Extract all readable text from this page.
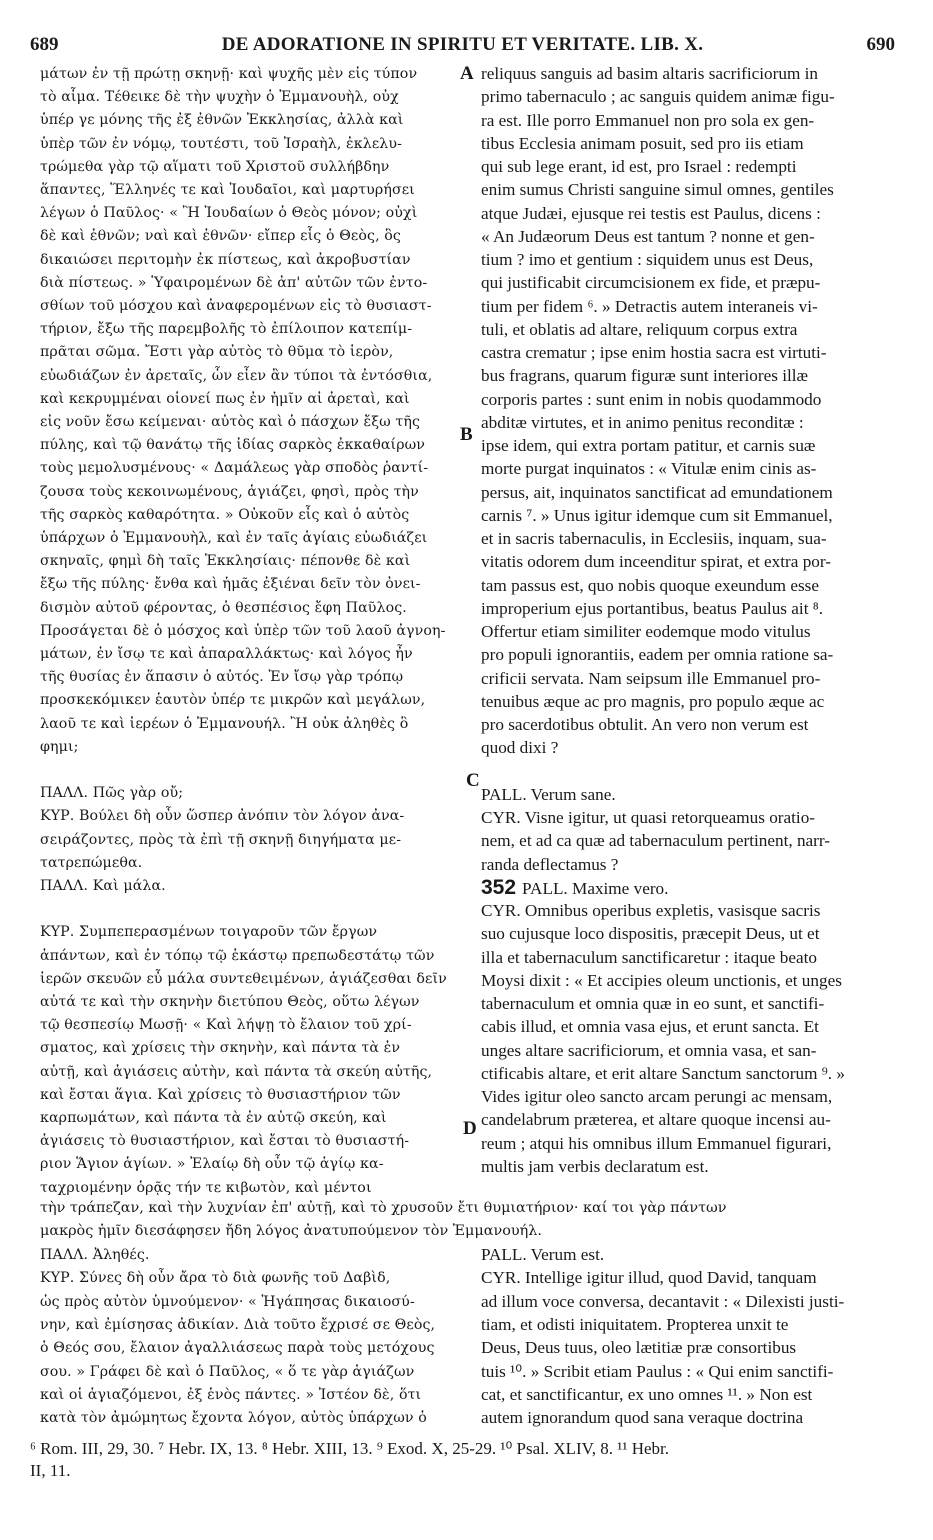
689	DE ADORATIONE IN SPIRITU ET VERITATE. LIB. X.	690
μάτων ἐν τῇ πρώτῃ σκηνῇ· καὶ ψυχῆς μὲν εἰς τύπον
τὸ αἷμα. Τέθεικε δὲ τὴν ψυχὴν ὁ Ἐμμανουὴλ, οὐχ
ὑπέρ γε μόνης τῆς ἐξ ἐθνῶν Ἐκκλησίας, ἀλλὰ καὶ
ὑπὲρ τῶν ἐν νόμῳ, τουτέστι, τοῦ Ἰσραὴλ, ἐκλελυ-
τρώμεθα γὰρ τῷ αἵματι τοῦ Χριστοῦ συλλήβδην
ἅπαντες, Ἕλληνές τε καὶ Ἰουδαῖοι, καὶ μαρτυρήσει
λέγων ὁ Παῦλος· « Ἢ Ἰουδαίων ὁ Θεὸς μόνον; οὐχὶ
δὲ καὶ ἐθνῶν; ναὶ καὶ ἐθνῶν· εἴπερ εἷς ὁ Θεὸς, ὃς
δικαιώσει περιτομὴν ἐκ πίστεως, καὶ ἀκροβυστίαν
διὰ πίστεως. » Ὑφαιρομένων δὲ ἀπ' αὐτῶν τῶν ἐντο-
σθίων τοῦ μόσχου καὶ ἀναφερομένων εἰς τὸ θυσιαστ-
τήριον, ἔξω τῆς παρεμβολῆς τὸ ἐπίλοιπον κατεπίμ-
πρᾶται σῶμα. Ἔστι γὰρ αὐτὸς τὸ θῦμα τὸ ἱερὸν,
εὐωδιάζων ἐν ἀρεταῖς, ὧν εἶεν ἂν τύποι τὰ ἐντόσθια,
καὶ κεκρυμμέναι οἱονεί πως ἐν ἡμῖν αἱ ἀρεταὶ, καὶ
εἰς νοῦν ἔσω κείμεναι· αὐτὸς καὶ ὁ πάσχων ἔξω τῆς
πύλης, καὶ τῷ θανάτῳ τῆς ἰδίας σαρκὸς ἐκκαθαίρων
τοὺς μεμολυσμένους· « Δαμάλεως γὰρ σποδὸς ῥαντί-
ζουσα τοὺς κεκοινωμένους, ἁγιάζει, φησὶ, πρὸς τὴν
τῆς σαρκὸς καθαρότητα. » Οὐκοῦν εἷς καὶ ὁ αὐτὸς
ὑπάρχων ὁ Ἐμμανουὴλ, καὶ ἐν ταῖς ἁγίαις εὐωδιάζει
σκηναῖς, φημὶ δὴ ταῖς Ἐκκλησίαις· πέπονθε δὲ καὶ
ἔξω τῆς πύλης· ἔνθα καὶ ἡμᾶς ἐξιέναι δεῖν τὸν ὀνει-
δισμὸν αὐτοῦ φέροντας, ὁ θεσπέσιος ἔφη Παῦλος.
Προσάγεται δὲ ὁ μόσχος καὶ ὑπὲρ τῶν τοῦ λαοῦ ἀγνοη-
μάτων, ἐν ἴσῳ τε καὶ ἀπαραλλάκτως· καὶ λόγος ἦν
τῆς θυσίας ἐν ἅπασιν ὁ αὐτός. Ἐν ἴσῳ γὰρ τρόπῳ
προσκεκόμικεν ἑαυτὸν ὑπέρ τε μικρῶν καὶ μεγάλων,
λαοῦ τε καὶ ἱερέων ὁ Ἐμμανουήλ. Ἢ οὐκ ἀληθὲς ὃ
φημι;
ΠΑΛΛ. Πῶς γὰρ οὔ;
ΚΥΡ. Βούλει δὴ οὖν ὥσπερ ἀνόπιν τὸν λόγον ἀνα-
σειράζοντες, πρὸς τὰ ἐπὶ τῇ σκηνῇ διηγήματα με-
τατρεπώμεθα.
ΠΑΛΛ. Καὶ μάλα.
ΚΥΡ. Συμπεπερασμένων τοιγαροῦν τῶν ἔργων
ἁπάντων, καὶ ἐν τόπῳ τῷ ἑκάστῳ πρεπωδεστάτῳ τῶν
ἱερῶν σκευῶν εὖ μάλα συντεθειμένων, ἁγιάζεσθαι δεῖν
αὐτά τε καὶ τὴν σκηνὴν διετύπου Θεὸς, οὕτω λέγων
τῷ θεσπεσίῳ Μωσῇ· « Καὶ λήψῃ τὸ ἔλαιον τοῦ χρί-
σματος, καὶ χρίσεις τὴν σκηνὴν, καὶ πάντα τὰ ἐν
αὐτῇ, καὶ ἁγιάσεις αὐτὴν, καὶ πάντα τὰ σκεύη αὐτῆς,
καὶ ἔσται ἅγια. Καὶ χρίσεις τὸ θυσιαστήριον τῶν
καρπωμάτων, καὶ πάντα τὰ ἐν αὐτῷ σκεύη, καὶ
ἁγιάσεις τὸ θυσιαστήριον, καὶ ἔσται τὸ θυσιαστή-
ριον Ἅγιον ἁγίων. » Ἐλαίῳ δὴ οὖν τῷ ἁγίῳ κα-
ταχριομένην ὁρᾷς τήν τε κιβωτὸν, καὶ μέντοι
reliquus sanguis ad basim altaris sacrificiorum in
primo tabernaculo ; ac sanguis quidem animæ figu-
ra est. Ille porro Emmanuel non pro sola ex gen-
tibus Ecclesia animam posuit, sed pro iis etiam
qui sub lege erant, id est, pro Israel : redempti
enim sumus Christi sanguine simul omnes, gentiles
atque Judæi, ejusque rei testis est Paulus, dicens :
« An Judæorum Deus est tantum ? nonne et gen-
tium ? imo et gentium : siquidem unus est Deus,
qui justificabit circumcisionem ex fide, et præpu-
tium per fidem ⁶. » Detractis autem interaneis vi-
tuli, et oblatis ad altare, reliquum corpus extra
castra crematur ; ipse enim hostia sacra est virtuti-
bus fragrans, quarum figuræ sunt interiores illæ
corporis partes : sunt enim in nobis quodammodo
abditæ virtutes, et in animo penitus reconditæ :
ipse idem, qui extra portam patitur, et carnis suæ
morte purgat inquinatos : « Vitulæ enim cinis as-
persus, ait, inquinatos sanctificat ad emundationem
carnis ⁷. » Unus igitur idemque cum sit Emmanuel,
et in sacris tabernaculis, in Ecclesiis, inquam, sua-
vitatis odorem dum inceenditur spirat, et extra por-
tam passus est, quo nobis quoque exeundum esse
improperium ejus portantibus, beatus Paulus ait ⁸.
Offertur etiam similiter eodemque modo vitulus
pro populi ignorantiis, eadem per omnia ratione sa-
crificii servata. Nam seipsum ille Emmanuel pro-
tenuibus æque ac pro magnis, pro populo æque ac
pro sacerdotibus obtulit. An vero non verum est
quod dixi ?
PALL. Verum sane.
CYR. Visne igitur, ut quasi retorqueamus oratio-
nem, et ad ca quæ ad tabernaculum pertinent, narr-
randa deflectamus ?
352 PALL. Maxime vero.
CYR. Omnibus operibus expletis, vasisque sacris
suo cujusque loco dispositis, præcepit Deus, ut et
illa et tabernaculum sanctificaretur : itaque beato
Moysi dixit : « Et accipies oleum unctionis, et unges
tabernaculum et omnia quæ in eo sunt, et sanctifi-
cabis illud, et omnia vasa ejus, et erunt sancta. Et
unges altare sacrificiorum, et omnia vasa, et san-
ctificabis altare, et erit altare Sanctum sanctorum ⁹. »
Vides igitur oleo sancto arcam perungi ac mensam,
candelabrum præterea, et altare quoque incensi au-
reum ; atqui his omnibus illum Emmanuel figurari,
multis jam verbis declaratum est.
A
B
C
D
τὴν τράπεζαν, καὶ τὴν λυχνίαν ἐπ' αὐτῇ, καὶ τὸ χρυσοῦν ἔτι θυμιατήριον· καί τοι γὰρ πάντων
μακρὸς ἡμῖν διεσάφησεν ἤδη λόγος ἀνατυπούμενον τὸν Ἐμμανουήλ.
ΠΑΛΛ. Ἀληθές.
ΚΥΡ. Σύνες δὴ οὖν ἄρα τὸ διὰ φωνῆς τοῦ Δαβὶδ,
ὡς πρὸς αὐτὸν ὑμνούμενον· « Ἠγάπησας δικαιοσύ-
νην, καὶ ἐμίσησας ἀδικίαν. Διὰ τοῦτο ἔχρισέ σε Θεὸς,
ὁ Θεός σου, ἔλαιον ἀγαλλιάσεως παρὰ τοὺς μετόχους
σου. » Γράφει δὲ καὶ ὁ Παῦλος, « ὅ τε γὰρ ἁγιάζων
καὶ οἱ ἁγιαζόμενοι, ἐξ ἑνὸς πάντες. » Ἰστέον δὲ, ὅτι
κατὰ τὸν ἀμώμητως ἔχοντα λόγον, αὐτὸς ὑπάρχων ὁ
PALL. Verum est.
CYR. Intellige igitur illud, quod David, tanquam
ad illum voce conversa, decantavit : « Dilexisti justi-
tiam, et odisti iniquitatem. Propterea unxit te
Deus, Deus tuus, oleo lætitiæ præ consortibus
tuis ¹⁰. » Scribit etiam Paulus : « Qui enim sanctifi-
cat, et sanctificantur, ex uno omnes ¹¹. » Non est
autem ignorandum quod sana veraque doctrina
⁶ Rom. III, 29, 30. ⁷ Hebr. IX, 13. ⁸ Hebr. XIII, 13. ⁹ Exod. X, 25-29. ¹⁰ Psal. XLIV, 8. ¹¹ Hebr.
II, 11.
